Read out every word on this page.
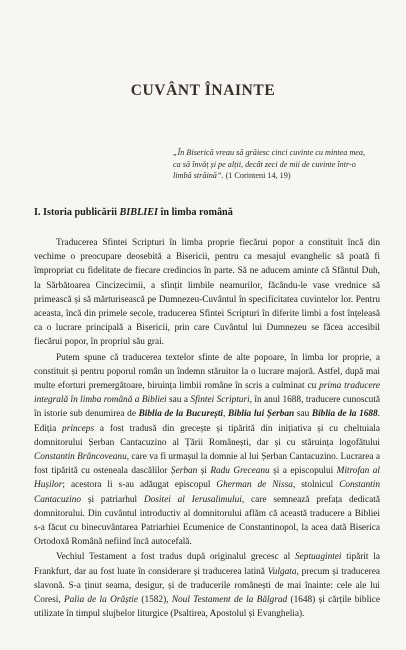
CUVÂNT ÎNAINTE
„În Biserică vreau să grăiesc cinci cuvinte cu mintea mea, ca să învăț și pe alții, decât zeci de mii de cuvinte într-o limbă străină”. (1 Corinteni 14, 19)
I. Istoria publicării BIBLIEI în limba română

Traducerea Sfintei Scripturi în limba proprie fiecărui popor a constituit încă din vechime o preocupare deosebită a Bisericii, pentru ca mesajul evanghelic să poată fi împropriat cu fidelitate de fiecare credincios în parte. Să ne aducem aminte că Sfântul Duh, la Sărbătoarea Cincizecimii, a sfințit limbile neamurilor, făcându-le vase vrednice să primească și să mărturisească pe Dumnezeu-Cuvântul în specificitatea cuvintelor lor. Pentru aceasta, încă din primele secole, traducerea Sfintei Scripturi în diferite limbi a fost înțeleasă ca o lucrare principală a Bisericii, prin care Cuvântul lui Dumnezeu se făcea accesibil fiecărui popor, în propriul său grai.

Putem spune că traducerea textelor sfinte de alte popoare, în limba lor proprie, a constituit și pentru poporul român un îndemn stăruitor la o lucrare majoră. Astfel, după mai multe eforturi premergătoare, biruința limbii române în scris a culminat cu prima traducere integrală în limba română a Bibliei sau a Sfintei Scripturi, în anul 1688, traducere cunoscută în istorie sub denumirea de Biblia de la București, Biblia lui Șerban sau Biblia de la 1688. Ediția princeps a fost tradusă din grecește și tipărită din inițiativa și cu cheltuiala domnitorului Șerban Cantacuzino al Țării Românești, dar și cu stăruința logofătului Constantin Brâncoveanu, care va fi urmașul la domnie al lui Șerban Cantacuzino. Lucrarea a fost tipărită cu osteneala dascălilor Șerban și Radu Greceanu și a episcopului Mitrofan al Hușilor; acestora li s-au adăugat episcopul Gherman de Nissa, stolnicul Constantin Cantacuzino și patriarhul Dositei al Ierusalimului, care semnează prefața dedicată domnitorului. Din cuvântul introductiv al domnitorului aflăm că această traducere a Bibliei s-a făcut cu binecuvântarea Patriarhiei Ecumenice de Constantinopol, la acea dată Biserica Ortodoxă Română nefiind încă autocefală.

Vechiul Testament a fost tradus după originalul grecesc al Septuagintei tipărit la Frankfurt, dar au fost luate în considerare și traducerea latină Vulgata, precum și traducerea slavonă. S-a ținut seama, desigur, și de traducerile românești de mai înainte: cele ale lui Coresi, Palia de la Orăștie (1582), Noul Testament de la Bălgrad (1648) și cărțile biblice utilizate în timpul slujbelor liturgice (Psaltirea, Apostolul și Evanghelia).
